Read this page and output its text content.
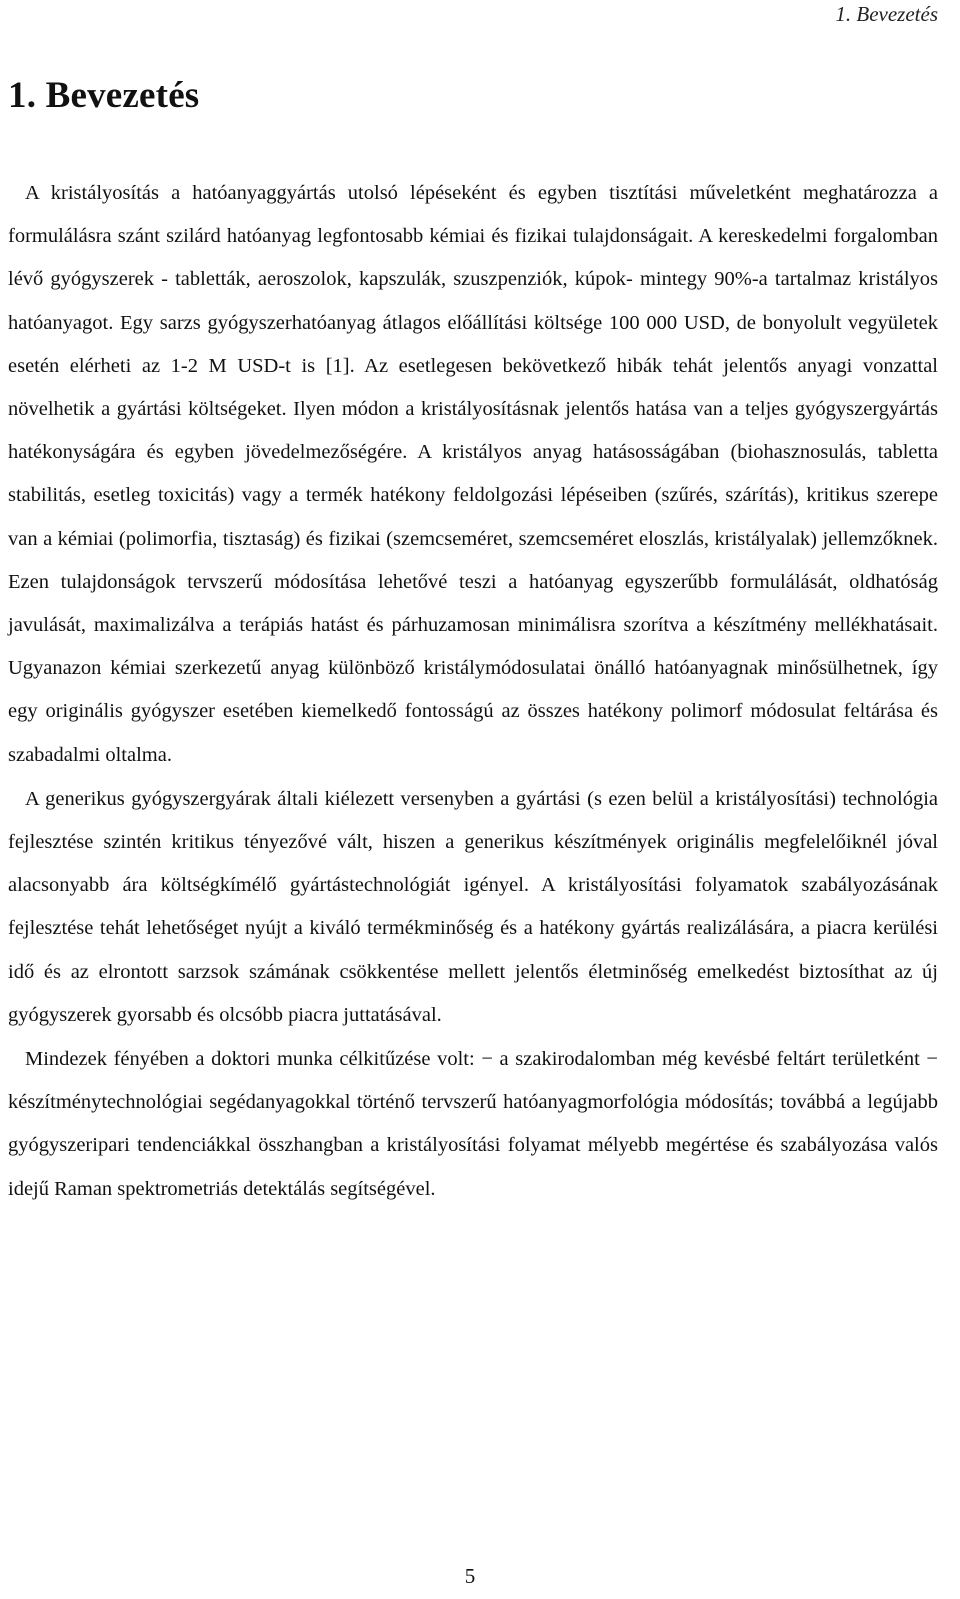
1. Bevezetés
1. Bevezetés

A kristályosítás a hatóanyaggyártás utolsó lépéseként és egyben tisztítási műveletként meghatározza a formulálásra szánt szilárd hatóanyag legfontosabb kémiai és fizikai tulajdonságait. A kereskedelmi forgalomban lévő gyógyszerek - tabletták, aeroszolok, kapszulák, szuszpenziók, kúpok- mintegy 90%-a tartalmaz kristályos hatóanyagot. Egy sarzs gyógyszerhatóanyag átlagos előállítási költsége 100 000 USD, de bonyolult vegyületek esetén elérheti az 1-2 M USD-t is [1]. Az esetlegesen bekövetkező hibák tehát jelentős anyagi vonzattal növelhetik a gyártási költségeket. Ilyen módon a kristályosításnak jelentős hatása van a teljes gyógyszergyártás hatékonyságára és egyben jövedelmezőségére. A kristályos anyag hatásosságában (biohasznosulás, tabletta stabilitás, esetleg toxicitás) vagy a termék hatékony feldolgozási lépéseiben (szűrés, szárítás), kritikus szerepe van a kémiai (polimorfia, tisztaság) és fizikai (szemcseméret, szemcseméret eloszlás, kristályalak) jellemzőknek. Ezen tulajdonságok tervszerű módosítása lehetővé teszi a hatóanyag egyszerűbb formulálását, oldhatóság javulását, maximalizálva a terápiás hatást és párhuzamosan minimálisra szorítva a készítmény mellékhatásait. Ugyanazon kémiai szerkezetű anyag különböző kristálymódosulatai önálló hatóanyagnak minősülhetnek, így egy originális gyógyszer esetében kiemelkedő fontosságú az összes hatékony polimorf módosulat feltárása és szabadalmi oltalma.

A generikus gyógyszergyárak általi kiélezett versenyben a gyártási (s ezen belül a kristályosítási) technológia fejlesztése szintén kritikus tényezővé vált, hiszen a generikus készítmények originális megfelelőiknél jóval alacsonyabb ára költségkímélő gyártástechnológiát igényel. A kristályosítási folyamatok szabályozásának fejlesztése tehát lehetőséget nyújt a kiváló termékminőség és a hatékony gyártás realizálására, a piacra kerülési idő és az elrontott sarzsok számának csökkentése mellett jelentős életminőség emelkedést biztosíthat az új gyógyszerek gyorsabb és olcsóbb piacra juttatásával.

Mindezek fényében a doktori munka célkitűzése volt: − a szakirodalomban még kevésbé feltárt területként − készítménytechnológiai segédanyagokkal történő tervszerű hatóanyagmorfológia módosítás; továbbá a legújabb gyógyszeripari tendenciákkal összhangban a kristályosítási folyamat mélyebb megértése és szabályozása valós idejű Raman spektrometriás detektálás segítségével.

5
